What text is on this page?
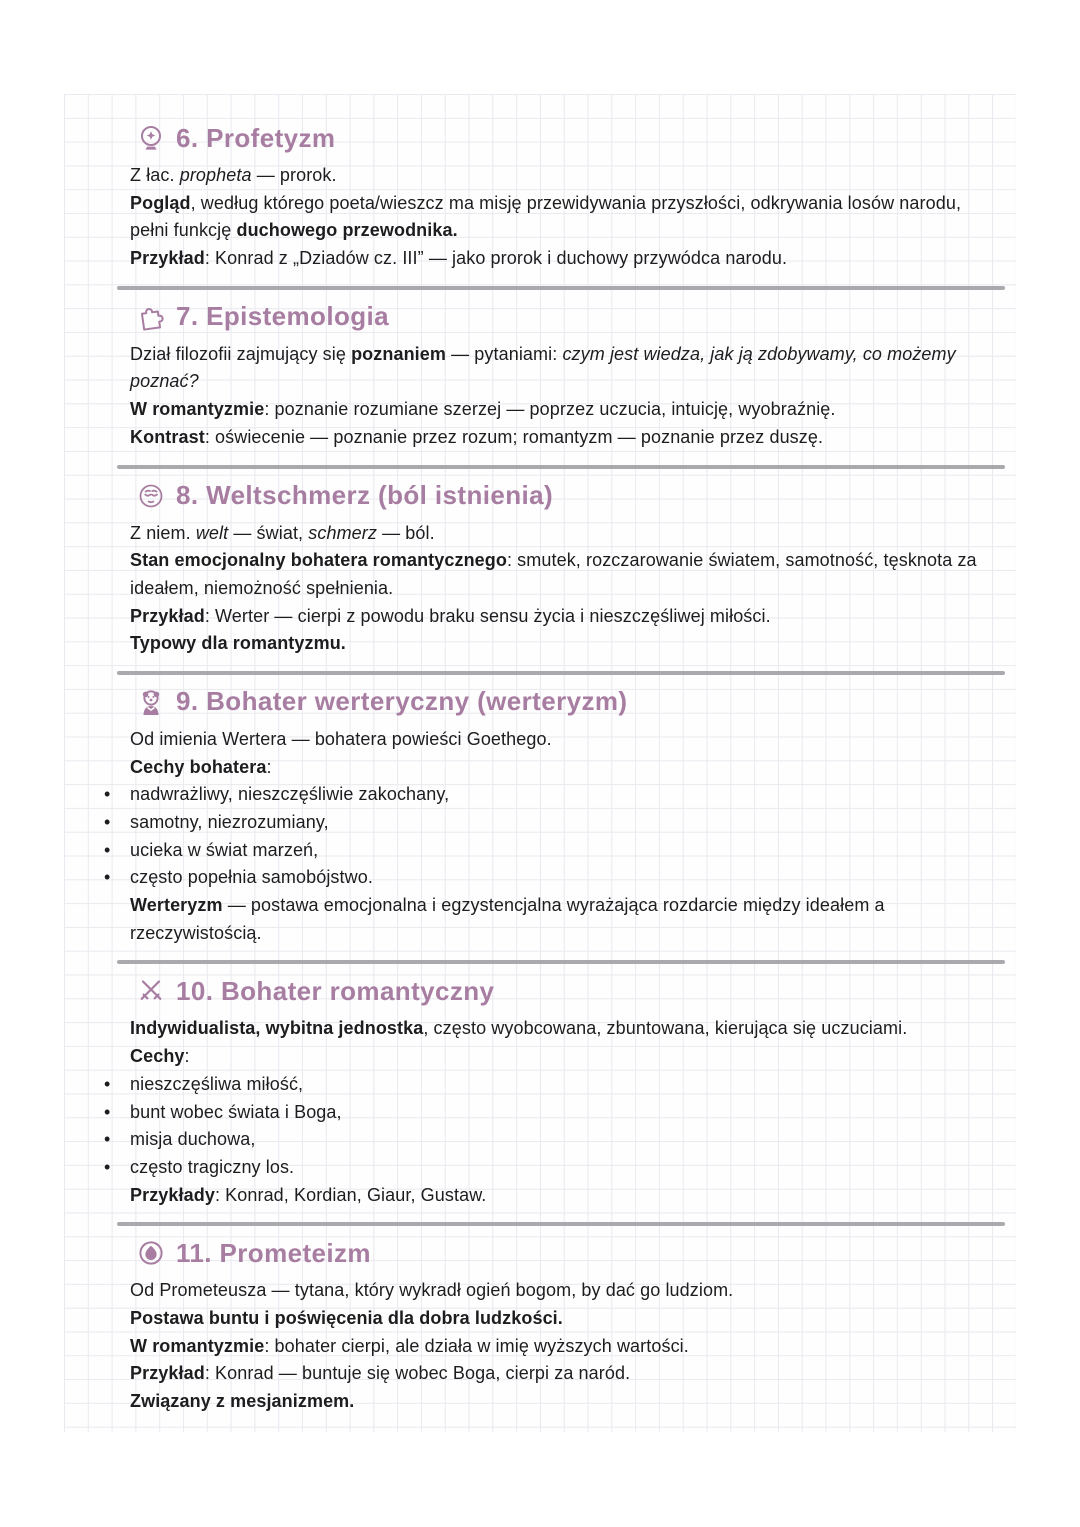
6. Profetyzm
Z łac. propheta — prorok.
Pogląd, według którego poeta/wieszcz ma misję przewidywania przyszłości, odkrywania losów narodu,
pełni funkcję duchowego przewodnika.
Przykład: Konrad z „Dziadów cz. III” — jako prorok i duchowy przywódca narodu.
7. Epistemologia
Dział filozofii zajmujący się poznaniem — pytaniami: czym jest wiedza, jak ją zdobywamy, co możemy
poznać?
W romantyzmie: poznanie rozumiane szerzej — poprzez uczucia, intuicję, wyobraźnię.
Kontrast: oświecenie — poznanie przez rozum; romantyzm — poznanie przez duszę.
8. Weltschmerz (ból istnienia)
Z niem. welt — świat, schmerz — ból.
Stan emocjonalny bohatera romantycznego: smutek, rozczarowanie światem, samotność, tęsknota za
ideałem, niemożność spełnienia.
Przykład: Werter — cierpi z powodu braku sensu życia i nieszczęśliwej miłości.
Typowy dla romantyzmu.
9. Bohater werteryczny (werteryzm)
Od imienia Wertera — bohatera powieści Goethego.
Cechy bohatera:
• nadwrażliwy, nieszczęśliwie zakochany,
• samotny, niezrozumiany,
• ucieka w świat marzeń,
• często popełnia samobójstwo.
Werteryzm — postawa emocjonalna i egzystencjalna wyrażająca rozdarcie między ideałem a
rzeczywistością.
10. Bohater romantyczny
Indywidualista, wybitna jednostka, często wyobcowana, zbuntowana, kierująca się uczuciami.
Cechy:
• nieszczęśliwa miłość,
• bunt wobec świata i Boga,
• misja duchowa,
• często tragiczny los.
Przykłady: Konrad, Kordian, Giaur, Gustaw.
11. Prometeizm
Od Prometeusza — tytana, który wykradł ogień bogom, by dać go ludziom.
Postawa buntu i poświęcenia dla dobra ludzkości.
W romantyzmie: bohater cierpi, ale działa w imię wyższych wartości.
Przykład: Konrad — buntuje się wobec Boga, cierpi za naród.
Związany z mesjanizmem.
